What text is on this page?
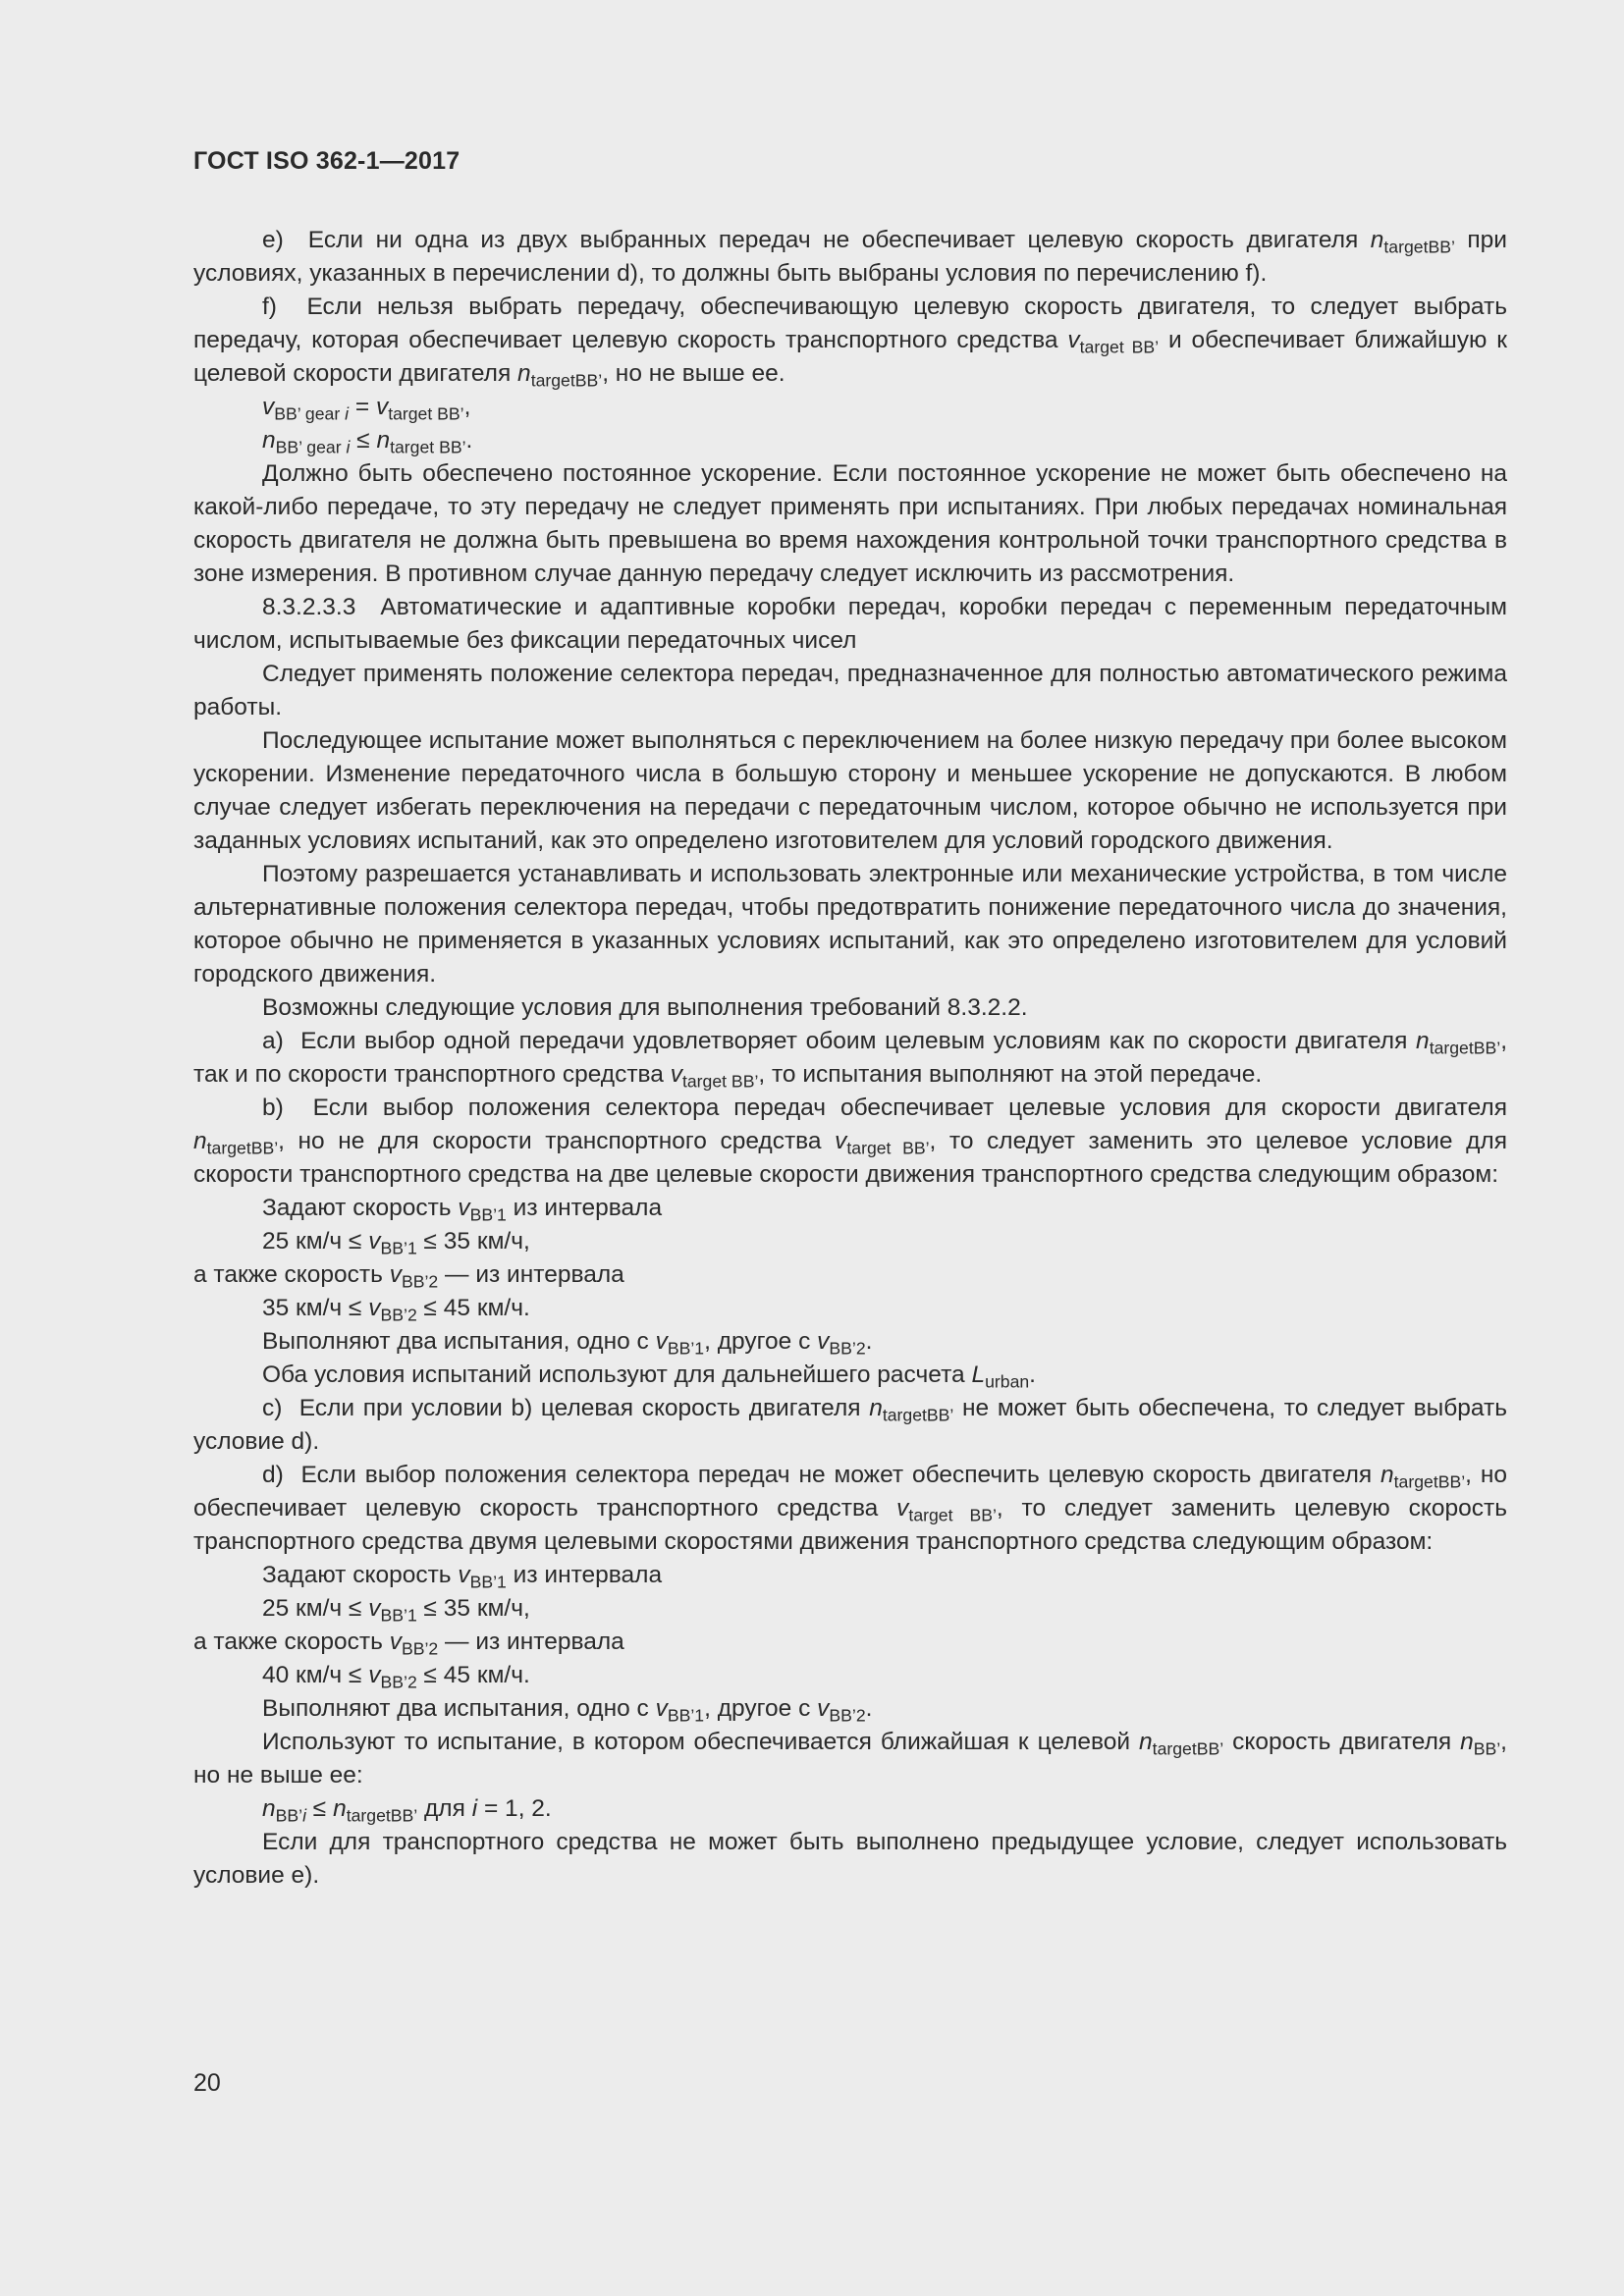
ГОСТ ISO 362-1—2017

e)  Если ни одна из двух выбранных передач не обеспечивает целевую скорость двигателя $n_{targetBB’}$ при условиях, указанных в перечислении d), то должны быть выбраны условия по перечислению f).

f)  Если нельзя выбрать передачу, обеспечивающую целевую скорость двигателя, то следует выбрать передачу, которая обеспечивает целевую скорость транспортного средства $v_{target BB’}$ и обеспечивает ближайшую к целевой скорости двигателя $n_{targetBB’}$, но не выше ее.

$v_{BB’ gear i} = v_{target BB’}$,

$n_{BB’ gear i} \le n_{target BB’}$.

Должно быть обеспечено постоянное ускорение. Если постоянное ускорение не может быть обеспечено на какой-либо передаче, то эту передачу не следует применять при испытаниях. При любых передачах номинальная скорость двигателя не должна быть превышена во время нахождения контрольной точки транспортного средства в зоне измерения. В противном случае данную передачу следует исключить из рассмотрения.

8.3.2.3.3  Автоматические и адаптивные коробки передач, коробки передач с переменным передаточным числом, испытываемые без фиксации передаточных чисел

Следует применять положение селектора передач, предназначенное для полностью автоматического режима работы.

Последующее испытание может выполняться с переключением на более низкую передачу при более высоком ускорении. Изменение передаточного числа в большую сторону и меньшее ускорение не допускаются. В любом случае следует избегать переключения на передачи с передаточным числом, которое обычно не используется при заданных условиях испытаний, как это определено изготовителем для условий городского движения.

Поэтому разрешается устанавливать и использовать электронные или механические устройства, в том числе альтернативные положения селектора передач, чтобы предотвратить понижение передаточного числа до значения, которое обычно не применяется в указанных условиях испытаний, как это определено изготовителем для условий городского движения.

Возможны следующие условия для выполнения требований 8.3.2.2.

a)  Если выбор одной передачи удовлетворяет обоим целевым условиям как по скорости двигателя $n_{targetBB’}$, так и по скорости транспортного средства $v_{target BB’}$, то испытания выполняют на этой передаче.

b)  Если выбор положения селектора передач обеспечивает целевые условия для скорости двигателя $n_{targetBB’}$, но не для скорости транспортного средства $v_{target BB’}$, то следует заменить это целевое условие для скорости транспортного средства на две целевые скорости движения транспортного средства следующим образом:

Задают скорость $v_{BB’1}$ из интервала

25 $км/ч \le v_{BB’1} \le 35$ км/ч,

а также скорость $v_{BB’2}$ — из интервала

35 $км/ч \le v_{BB’2} \le 45$ км/ч.

Выполняют два испытания, одно с $v_{BB’1}$, другое с $v_{BB’2}$.

Оба условия испытаний используют для дальнейшего расчета $L_{urban}$.

c)  Если при условии b) целевая скорость двигателя $n_{targetBB’}$ не может быть обеспечена, то следует выбрать условие d).

d)  Если выбор положения селектора передач не может обеспечить целевую скорость двигателя $n_{targetBB’}$, но обеспечивает целевую скорость транспортного средства $v_{target BB’}$, то следует заменить целевую скорость транспортного средства двумя целевыми скоростями движения транспортного средства следующим образом:

Задают скорость $v_{BB’1}$ из интервала

25 $км/ч \le v_{BB’1} \le 35$ км/ч,

а также скорость $v_{BB’2}$ — из интервала

40 $км/ч \le v_{BB’2} \le 45$ км/ч.

Выполняют два испытания, одно с $v_{BB’1}$, другое с $v_{BB’2}$.

Используют то испытание, в котором обеспечивается ближайшая к целевой $n_{targetBB’}$ скорость двигателя $n_{BB’}$, но не выше ее:

$n_{BB’i} \le n_{targetBB’}$ для i = 1, 2.

Если для транспортного средства не может быть выполнено предыдущее условие, следует использовать условие e).

20
